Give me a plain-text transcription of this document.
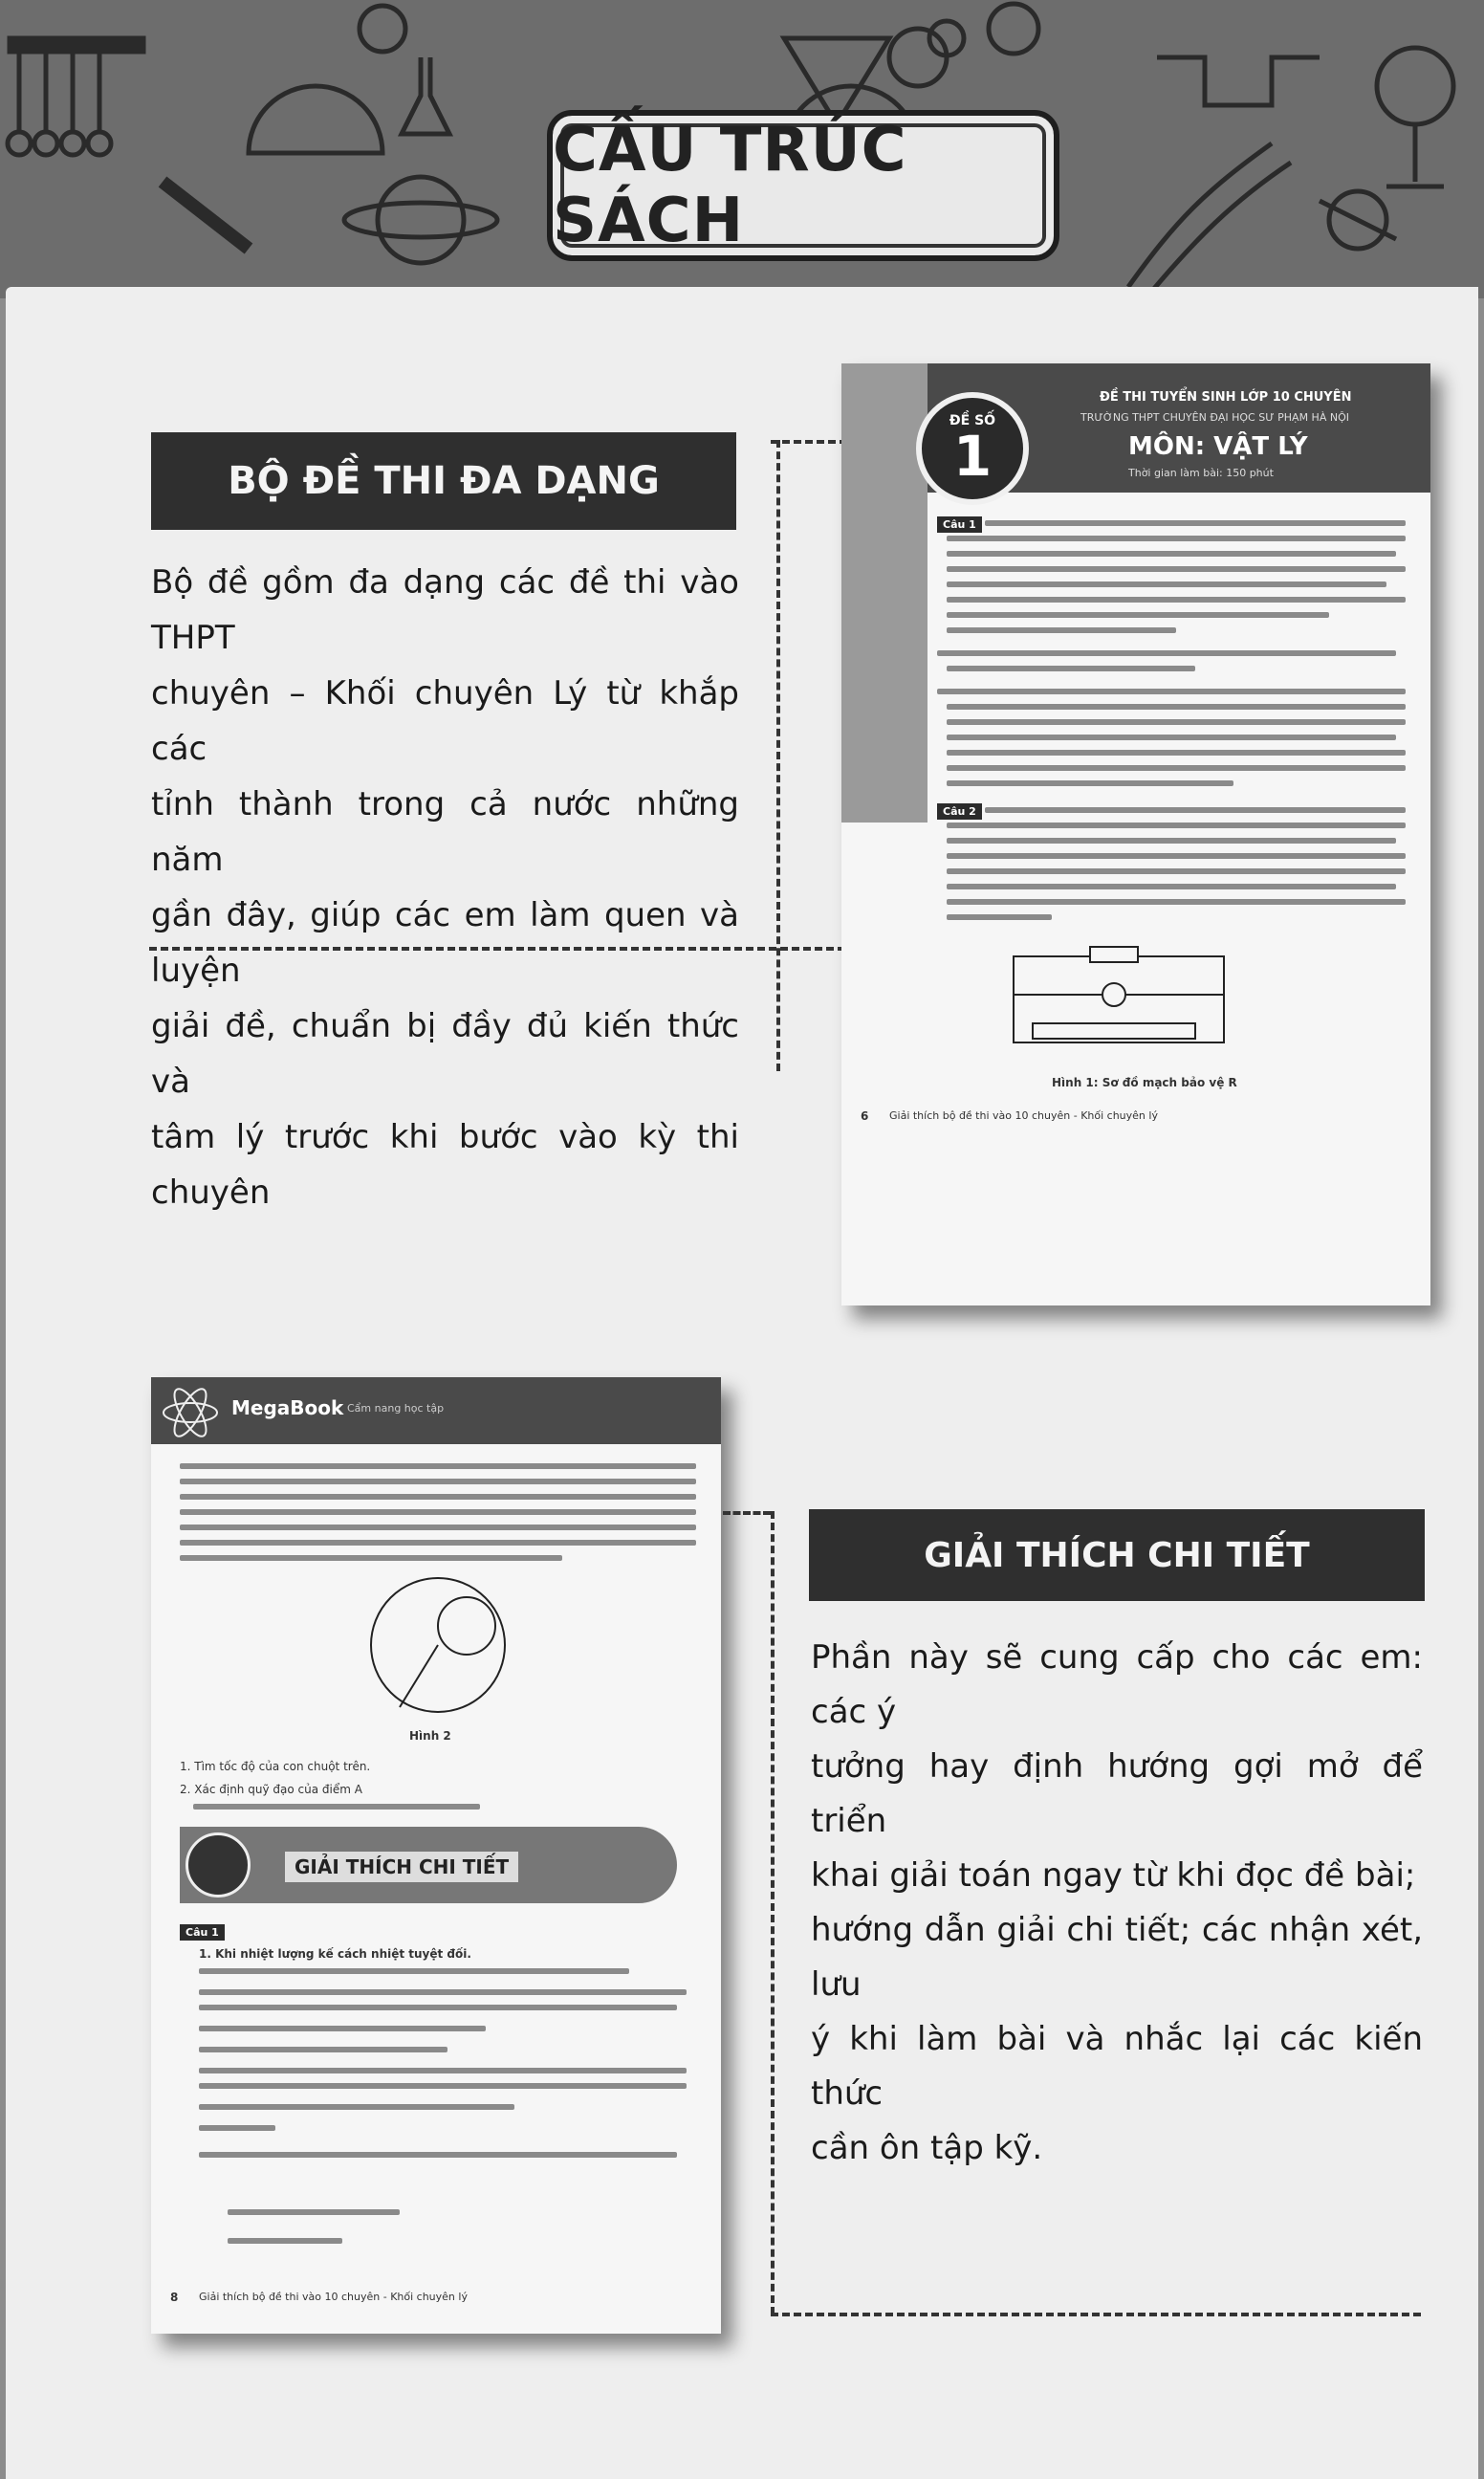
CẤU TRÚC SÁCH
BỘ ĐỀ THI ĐA DẠNG
Bộ đề gồm đa dạng các đề thi vào THPT
chuyên – Khối chuyên Lý từ khắp các
tỉnh thành trong cả nước những năm
gần đây, giúp các em làm quen và luyện
giải đề, chuẩn bị đầy đủ kiến thức và
tâm lý trước khi bước vào kỳ thi chuyên
ĐỀ SỐ
1
ĐỀ THI TUYỂN SINH LỚP 10 CHUYÊN
TRƯỜNG THPT CHUYÊN ĐẠI HỌC SƯ PHẠM HÀ NỘI
MÔN: VẬT LÝ
Thời gian làm bài: 150 phút
Câu 1
Câu 2
Hình 1: Sơ đồ mạch bảo vệ R
6 Giải thích bộ đề thi vào 10 chuyên - Khối chuyên lý
MegaBook Cẩm nang học tập
Hình 2
1. Tìm tốc độ của con chuột trên.
2. Xác định quỹ đạo của điểm A
GIẢI THÍCH CHI TIẾT
Câu 1
1. Khi nhiệt lượng kế cách nhiệt tuyệt đối.
8 Giải thích bộ đề thi vào 10 chuyên - Khối chuyên lý
GIẢI THÍCH CHI TIẾT
Phần này sẽ cung cấp cho các em: các ý
tưởng hay định hướng gợi mở để triển
khai giải toán ngay từ khi đọc đề bài;
hướng dẫn giải chi tiết; các nhận xét, lưu
ý khi làm bài và nhắc lại các kiến thức
cần ôn tập kỹ.
